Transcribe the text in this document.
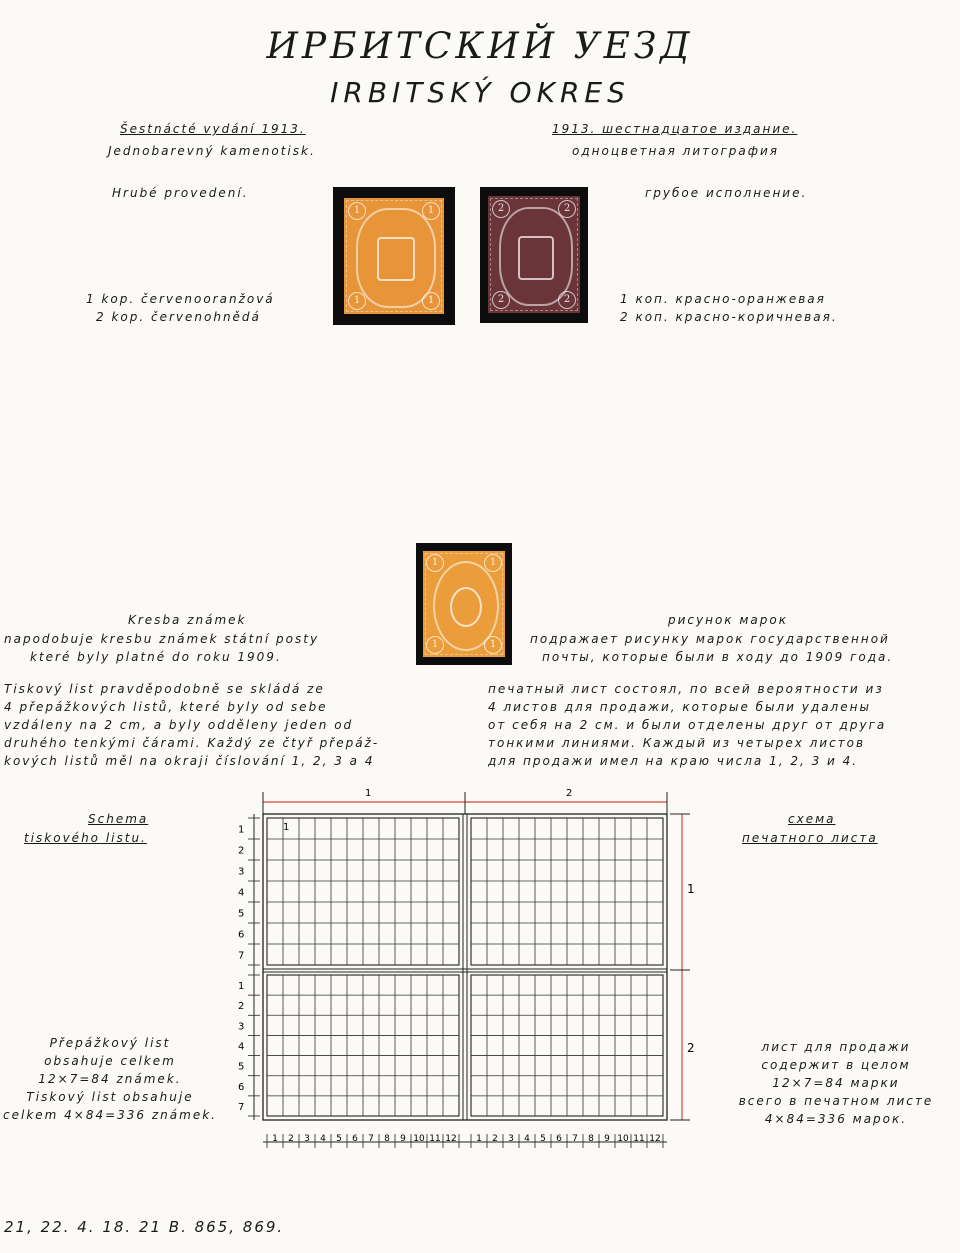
ИРБИТСКИЙ УЕЗД
IRBITSKÝ OKRES
Šestnácté vydání 1913.
Jednobarevný kamenotisk.
Hrubé provedení.
1 kop. červenooranžová
2 kop. červenohnědá
1913. шестнадцатое издание.
одноцветная литография
грубое исполнение.
1 коп. красно-оранжевая
2 коп. красно-коричневая.
1	1
1	1
2	2
2	2
1	1
1	1
Kresba známek
napodobuje kresbu známek státní posty
které byly platné do roku 1909.
рисунок марок
подражает рисунку марок государственной
почты, которые были в ходу до 1909 года.
Tiskový list pravděpodobně se skládá ze
4 přepážkových listů, které byly od sebe
vzdáleny na 2 cm, a byly odděleny jeden od
druhého tenkými čárami. Každý ze čtyř přepáž-
kových listů měl na okraji číslování 1, 2, 3 a 4
печатный лист состоял, по всей вероятности из
4 листов для продажи, которые были удалены
от себя на 2 см. и были отделены друг от друга
тонкими линиями. Каждый из четырех листов
для продажи имел на краю числа 1, 2, 3 и 4.
Schema
tiskového listu.
схема
печатного листа
Přepážkový list
obsahuje celkem
12×7=84 známek.
Tiskový list obsahuje
celkem 4×84=336 známek.
лист для продажи
содержит в целом
12×7=84 марки
всего в печатном листе
4×84=336 марок.
1
2
3
4
5
6
7
1
2
3
4
5
6
7
1 2 3 4 5 6 7 8 9 10 11 12 1 2 3 4 5 6 7 8 9 10 11 12
1	2
1
2
1
21, 22. 4. 18. 21 B. 865, 869.
